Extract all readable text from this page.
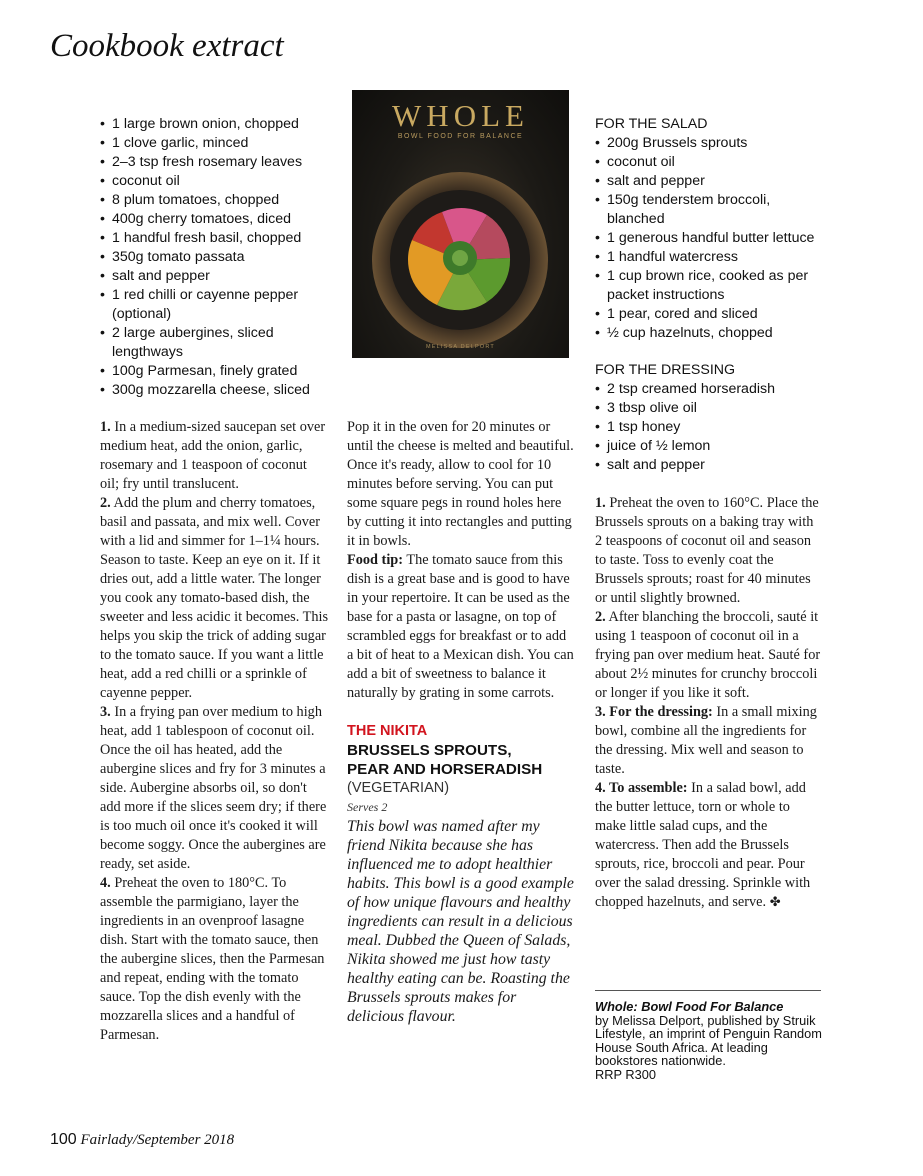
Cookbook extract
• 1 large brown onion, chopped
• 1 clove garlic, minced
• 2–3 tsp fresh rosemary leaves
• coconut oil
• 8 plum tomatoes, chopped
• 400g cherry tomatoes, diced
• 1 handful fresh basil, chopped
• 350g tomato passata
• salt and pepper
• 1 red chilli or cayenne pepper (optional)
• 2 large aubergines, sliced lengthways
• 100g Parmesan, finely grated
• 300g mozzarella cheese, sliced
WHOLE
BOWL FOOD FOR BALANCE
MELISSA DELPORT
FOR THE SALAD
• 200g Brussels sprouts
• coconut oil
• salt and pepper
• 150g tenderstem broccoli, blanched
• 1 generous handful butter lettuce
• 1 handful watercress
• 1 cup brown rice, cooked as per packet instructions
• 1 pear, cored and sliced
• ½ cup hazelnuts, chopped
FOR THE DRESSING
• 2 tsp creamed horseradish
• 3 tbsp olive oil
• 1 tsp honey
• juice of ½ lemon
• salt and pepper

1. In a medium-sized saucepan set over medium heat, add the onion, garlic, rosemary and 1 teaspoon of coconut oil; fry until translucent.

2. Add the plum and cherry tomatoes, basil and passata, and mix well. Cover with a lid and simmer for 1–1¼ hours. Season to taste. Keep an eye on it. If it dries out, add a little water. The longer you cook any tomato-based dish, the sweeter and less acidic it becomes. This helps you skip the trick of adding sugar to the tomato sauce. If you want a little heat, add a red chilli or a sprinkle of cayenne pepper.

3. In a frying pan over medium to high heat, add 1 tablespoon of coconut oil. Once the oil has heated, add the aubergine slices and fry for 3 minutes a side. Aubergine absorbs oil, so don't add more if the slices seem dry; if there is too much oil once it's cooked it will become soggy. Once the aubergines are ready, set aside.

4. Preheat the oven to 180°C. To assemble the parmigiano, layer the ingredients in an ovenproof lasagne dish. Start with the tomato sauce, then the aubergine slices, then the Parmesan and repeat, ending with the tomato sauce. Top the dish evenly with the mozzarella slices and a handful of Parmesan.

Pop it in the oven for 20 minutes or until the cheese is melted and beautiful. Once it's ready, allow to cool for 10 minutes before serving. You can put some square pegs in round holes here by cutting it into rectangles and putting it in bowls.

Food tip: The tomato sauce from this dish is a great base and is good to have in your repertoire. It can be used as the base for a pasta or lasagne, on top of scrambled eggs for breakfast or to add a bit of heat to a Mexican dish. You can add a bit of sweetness to balance it naturally by grating in some carrots.

THE NIKITA
BRUSSELS SPROUTS,
PEAR AND HORSERADISH
(VEGETARIAN)
Serves 2

This bowl was named after my friend Nikita because she has influenced me to adopt healthier habits. This bowl is a good example of how unique flavours and healthy ingredients can result in a delicious meal. Dubbed the Queen of Salads, Nikita showed me just how tasty healthy eating can be. Roasting the Brussels sprouts makes for delicious flavour.

1. Preheat the oven to 160°C. Place the Brussels sprouts on a baking tray with 2 teaspoons of coconut oil and season to taste. Toss to evenly coat the Brussels sprouts; roast for 40 minutes or until slightly browned.

2. After blanching the broccoli, sauté it using 1 teaspoon of coconut oil in a frying pan over medium heat. Sauté for about 2½ minutes for crunchy broccoli or longer if you like it soft.

3. For the dressing: In a small mixing bowl, combine all the ingredients for the dressing. Mix well and season to taste.

4. To assemble: In a salad bowl, add the butter lettuce, torn or whole to make little salad cups, and the watercress. Then add the Brussels sprouts, rice, broccoli and pear. Pour over the salad dressing. Sprinkle with chopped hazelnuts, and serve. ✤

Whole: Bowl Food For Balance
by Melissa Delport, published by Struik Lifestyle, an imprint of Penguin Random House South Africa. At leading bookstores nationwide.
RRP R300
100 Fairlady/September 2018
